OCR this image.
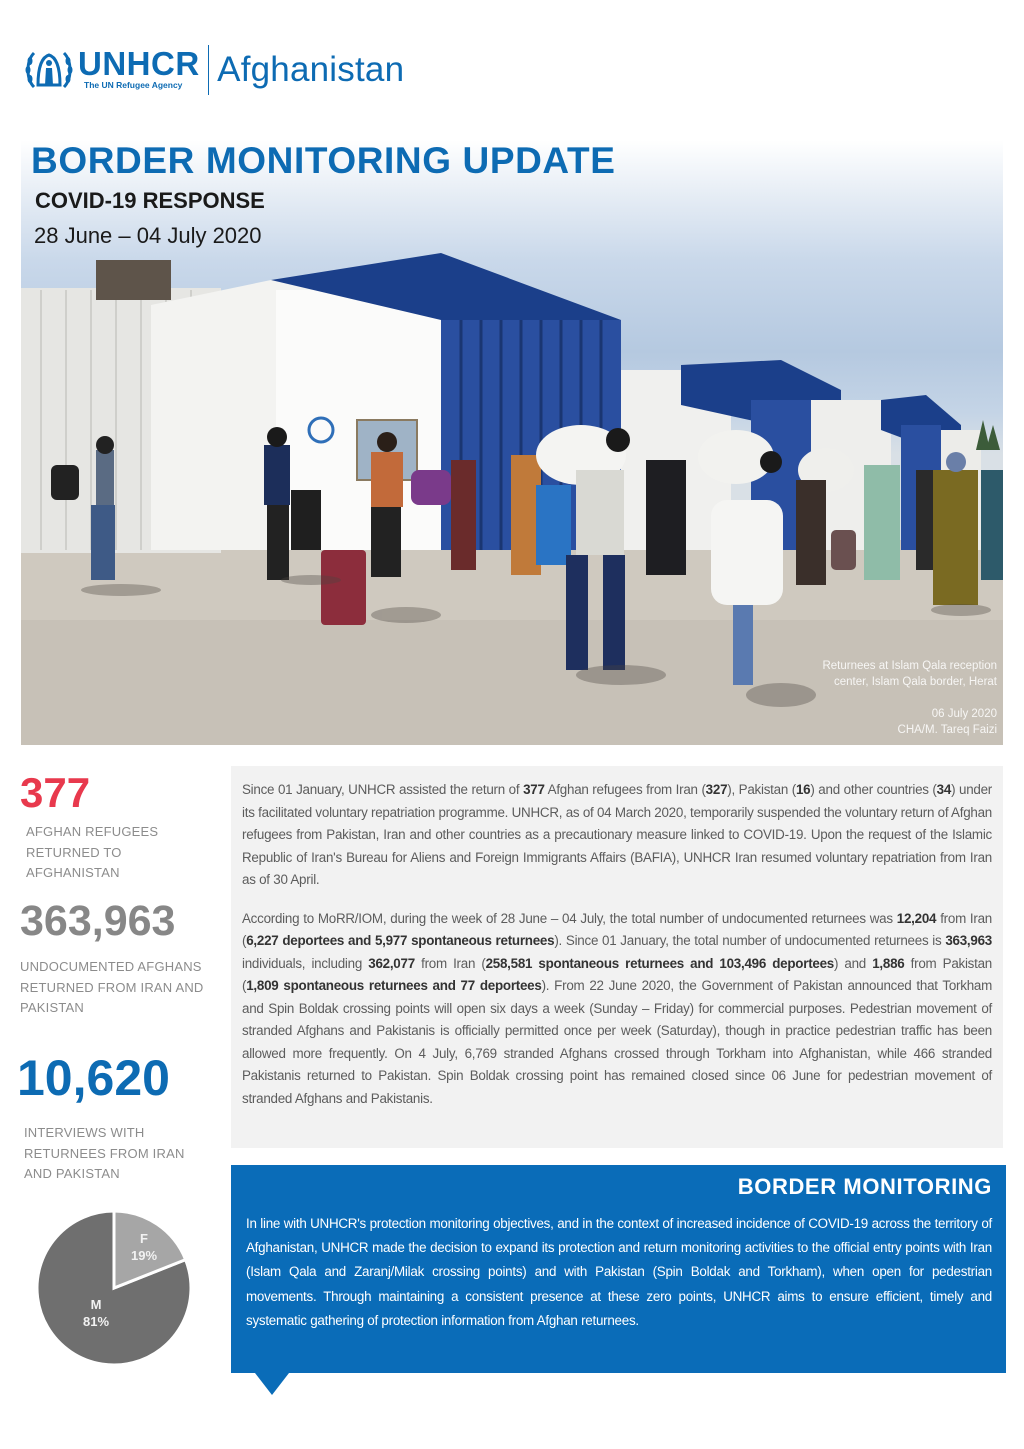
UNHCR
The UN Refugee Agency Afghanistan
BORDER MONITORING UPDATE
COVID-19 RESPONSE
28 June – 04 July 2020
Returnees at Islam Qala reception
center, Islam Qala border, Herat
06 July 2020
CHA/M. Tareq Faizi
377
AFGHAN REFUGEES RETURNED TO AFGHANISTAN
363,963
UNDOCUMENTED AFGHANS RETURNED FROM IRAN AND PAKISTAN
10,620
INTERVIEWS WITH RETURNEES FROM IRAN AND PAKISTAN
F
19%
M
81%

Since 01 January, UNHCR assisted the return of 377 Afghan refugees from Iran (327), Pakistan (16) and other countries (34) under its facilitated voluntary repatriation programme. UNHCR, as of 04 March 2020, temporarily suspended the voluntary return of Afghan refugees from Pakistan, Iran and other countries as a precautionary measure linked to COVID-19. Upon the request of the Islamic Republic of Iran's Bureau for Aliens and Foreign Immigrants Affairs (BAFIA), UNHCR Iran resumed voluntary repatriation from Iran as of 30 April.

According to MoRR/IOM, during the week of 28 June – 04 July, the total number of undocumented returnees was 12,204 from Iran (6,227 deportees and 5,977 spontaneous returnees). Since 01 January, the total number of undocumented returnees is 363,963 individuals, including 362,077 from Iran (258,581 spontaneous returnees and 103,496 deportees) and 1,886 from Pakistan (1,809 spontaneous returnees and 77 deportees). From 22 June 2020, the Government of Pakistan announced that Torkham and Spin Boldak crossing points will open six days a week (Sunday – Friday) for commercial purposes. Pedestrian movement of stranded Afghans and Pakistanis is officially permitted once per week (Saturday), though in practice pedestrian traffic has been allowed more frequently. On 4 July, 6,769 stranded Afghans crossed through Torkham into Afghanistan, while 466 stranded Pakistanis returned to Pakistan. Spin Boldak crossing point has remained closed since 06 June for pedestrian movement of stranded Afghans and Pakistanis.

BORDER MONITORING
In line with UNHCR's protection monitoring objectives, and in the context of increased incidence of COVID-19 across the territory of Afghanistan, UNHCR made the decision to expand its protection and return monitoring activities to the official entry points with Iran (Islam Qala and Zaranj/Milak crossing points) and with Pakistan (Spin Boldak and Torkham), when open for pedestrian movements. Through maintaining a consistent presence at these zero points, UNHCR aims to ensure efficient, timely and systematic gathering of protection information from Afghan returnees.
